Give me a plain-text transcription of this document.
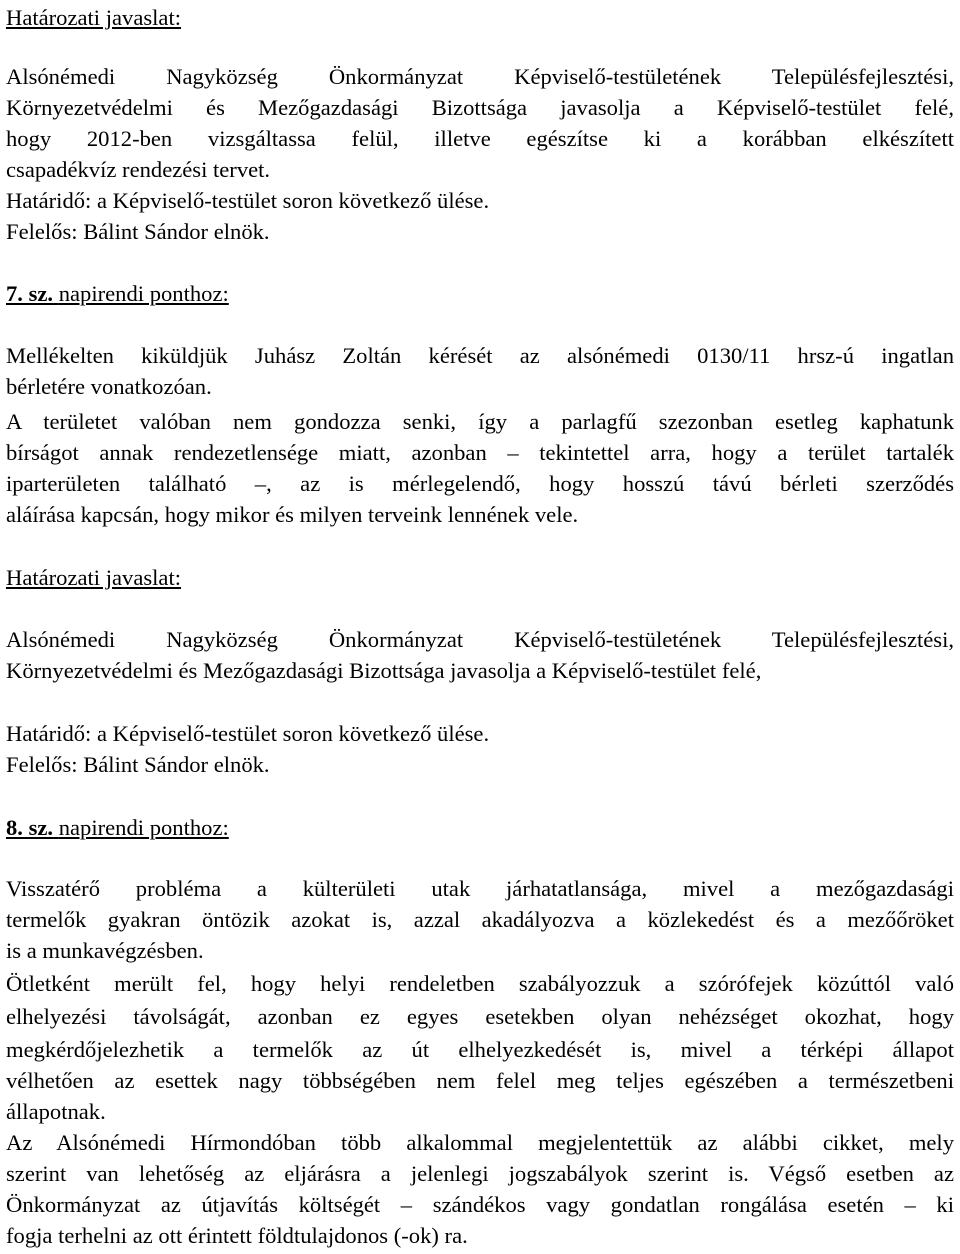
Határozati javaslat:
Alsónémedi Nagyközség Önkormányzat Képviselő-testületének Településfejlesztési,
Környezetvédelmi és Mezőgazdasági Bizottsága javasolja a Képviselő-testület felé,
hogy 2012-ben vizsgáltassa felül, illetve egészítse ki a korábban elkészített
csapadékvíz rendezési tervet.
Határidő: a Képviselő-testület soron következő ülése.
Felelős: Bálint Sándor elnök.
7. sz. napirendi ponthoz:
Mellékelten kiküldjük Juhász Zoltán kérését az alsónémedi 0130/11 hrsz-ú ingatlan
bérletére vonatkozóan.
A területet valóban nem gondozza senki, így a parlagfű szezonban esetleg kaphatunk
bírságot annak rendezetlensége miatt, azonban – tekintettel arra, hogy a terület tartalék
iparterületen található –, az is mérlegelendő, hogy hosszú távú bérleti szerződés
aláírása kapcsán, hogy mikor és milyen terveink lennének vele.
Határozati javaslat:
Alsónémedi Nagyközség Önkormányzat Képviselő-testületének Településfejlesztési,
Környezetvédelmi és Mezőgazdasági Bizottsága javasolja a Képviselő-testület felé,
Határidő: a Képviselő-testület soron következő ülése.
Felelős: Bálint Sándor elnök.
8. sz. napirendi ponthoz:
Visszatérő probléma a külterületi utak járhatatlansága, mivel a mezőgazdasági
termelők gyakran öntözik azokat is, azzal akadályozva a közlekedést és a mezőőröket
is a munkavégzésben.
Ötletként merült fel, hogy helyi rendeletben szabályozzuk a szórófejek közúttól való
elhelyezési távolságát, azonban ez egyes esetekben olyan nehézséget okozhat, hogy
megkérdőjelezhetik a termelők az út elhelyezkedését is, mivel a térképi állapot
vélhetően az esettek nagy többségében nem felel meg teljes egészében a természetbeni
állapotnak.
Az Alsónémedi Hírmondóban több alkalommal megjelentettük az alábbi cikket, mely
szerint van lehetőség az eljárásra a jelenlegi jogszabályok szerint is. Végső esetben az
Önkormányzat az útjavítás költségét – szándékos vagy gondatlan rongálása esetén – ki
fogja terhelni az ott érintett földtulajdonos (-ok) ra.
